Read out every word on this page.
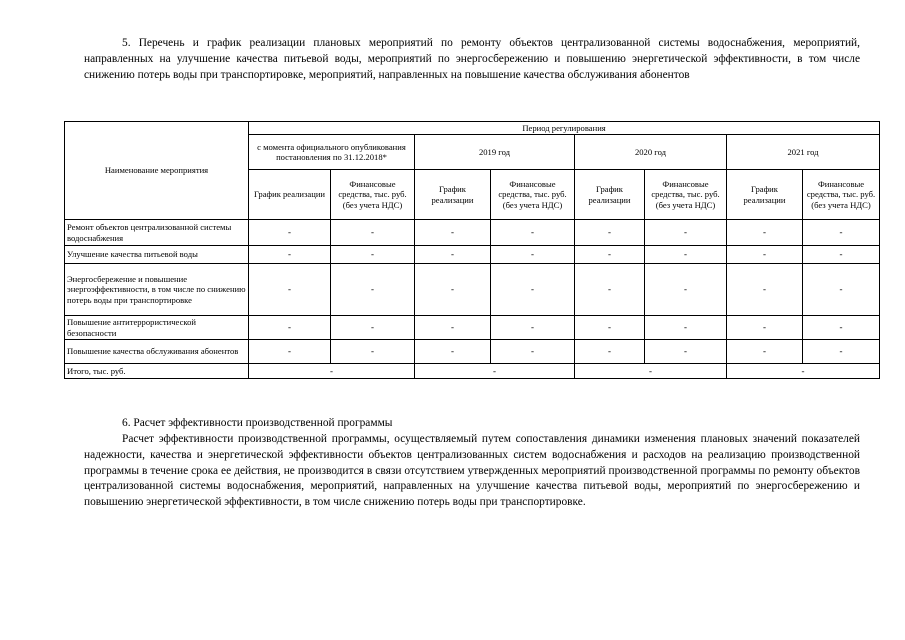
5. Перечень и график реализации плановых мероприятий по ремонту объектов централизованной системы водоснабжения, мероприятий, направленных на улучшение качества питьевой воды, мероприятий по энергосбережению и повышению энергетической эффективности, в том числе снижению потерь воды при транспортировке, мероприятий, направленных на повышение качества обслуживания абонентов

Наименование мероприятия	Период регулирования							
	с момента официального опубликования постановления по 31.12.2018*		2019 год		2020 год		2021 год	
	График реализации	Финансовые средства, тыс. руб. (без учета НДС)	График реализации	Финансовые средства, тыс. руб. (без учета НДС)	График реализации	Финансовые средства, тыс. руб. (без учета НДС)	График реализации	Финансовые средства, тыс. руб. (без учета НДС)
Ремонт объектов централизованной системы водоснабжения	-	-	-	-	-	-	-	-
Улучшение качества питьевой воды	-	-	-	-	-	-	-	-
Энергосбережение и повышение энергоэффективности, в том числе по снижению потерь воды при транспортировке	-	-	-	-	-	-	-	-
Повышение антитеррористической безопасности	-	-	-	-	-	-	-	-
Повышение качества обслуживания абонентов	-	-	-	-	-	-	-	-
Итого, тыс. руб.	-		-		-		-	

6. Расчет эффективности производственной программы

Расчет эффективности производственной программы, осуществляемый путем сопоставления динамики изменения плановых значений показателей надежности, качества и энергетической эффективности объектов централизованных систем водоснабжения и расходов на реализацию производственной программы в течение срока ее действия, не производится в связи отсутствием утвержденных мероприятий производственной программы по ремонту объектов централизованной системы водоснабжения, мероприятий, направленных на улучшение качества питьевой воды, мероприятий по энергосбережению и повышению энергетической эффективности, в том числе снижению потерь воды при транспортировке.
